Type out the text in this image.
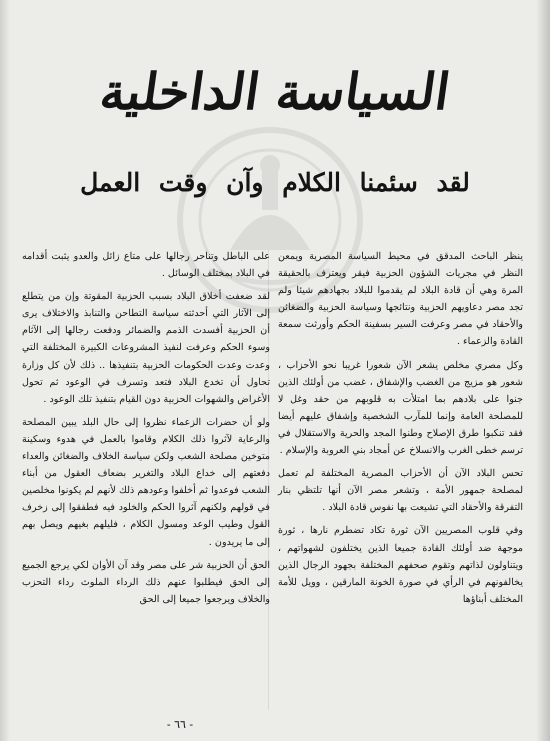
السياسة الداخلية
لقد سئمنا الكلام وآن وقت العمل

ينظر الباحث المدقق في محيط السياسة المصرية ويمعن النظر في مجريات الشؤون الحزبية فيقر ويعترف بالحقيقة المرة وهي أن قادة البلاد لم يقدموا للبلاد بجهادهم شيئا ولم تجد مصر دعاويهم الحزبية ونتائجها وسياسة الحزبية والضغائن والأحقاد في مصر وعرفت السير بسفينة الحكم وأورثت سمعة القادة والزعماء .

وكل مصري مخلص يشعر الآن شعورا غريبا نحو الأحزاب ، شعور هو مزيج من الغضب والإشفاق ، غضب من أولئك الذين جنوا على بلادهم بما امتلأت به قلوبهم من حقد وغل لا للمصلحة العامة وإنما للمآرب الشخصية وإشفاق عليهم أيضا فقد تنكبوا طرق الإصلاح وطنوا المجد والحرية والاستقلال في ترسم خطى الغرب والانسلاخ عن أمجاد بني العروبة والإسلام .

تحس البلاد الآن أن الأحزاب المصرية المختلفة لم تعمل لمصلحة جمهور الأمة ، وتشعر مصر الآن أنها تلتظي بنار التفرقة والأحقاد التي تشيعت بها نفوس قادة البلاد .

وفي قلوب المصريين الآن ثورة تكاد تضطرم نارها ، ثورة موجهة ضد أولئك القادة جميعا الذين يختلفون لشهواتهم ، ويتناولون لذاتهم وتقوم صحفهم المختلفة بجهود الرجال الذين يخالفونهم في الرأي في صورة الخونة المارقين ، وويل للأمة المختلف أبناؤها

على الباطل وتناحر رجالها على متاع زائل والعدو يثبت أقدامه في البلاد بمختلف الوسائل .

لقد ضعفت أخلاق البلاد بسبب الحزبية المقوتة وإن من يتطلع إلى الآثار التي أحدثته سياسة التطاحن والتنابذ والاختلاف يرى أن الحزبية أفسدت الذمم والضمائر ودفعت رجالها إلى الآثام وسوء الحكم وعرفت لنفيذ المشروعات الكبيرة المختلفة التي وعدت وعدت الحكومات الحزبية بتنفيذها .. ذلك لأن كل وزارة تحاول أن تخدع البلاد فتعد وتسرف في الوعود ثم تحول الأغراض والشهوات الحزبية دون القيام بتنفيذ تلك الوعود .

ولو أن حضرات الزعماء نظروا إلى حال البلد يبين المصلحة والرعاية لآثروا ذلك الكلام وقاموا بالعمل في هدوء وسكينة متوخين مصلحة الشعب ولكن سياسة الخلاف والضغائن والعداء دفعتهم إلى خداع البلاد والتغرير بضعاف العقول من أبناء الشعب فوعدوا ثم أخلفوا وعودهم ذلك لأنهم لم يكونوا مخلصين في قولهم ولكنهم آثروا الحكم والخلود فيه فطفقوا إلى زخرف القول وطيب الوعد ومسول الكلام ، فليلهم بغيهم ويصل بهم إلى ما يريدون .

الحق أن الحزبية شر على مصر وقد آن الأوان لكي يرجع الجميع إلى الحق فيطلبوا عنهم ذلك الرداء الملوث رداء التحزب والخلاف ويرجعوا جميعا إلى الحق

- ٦٦ -
